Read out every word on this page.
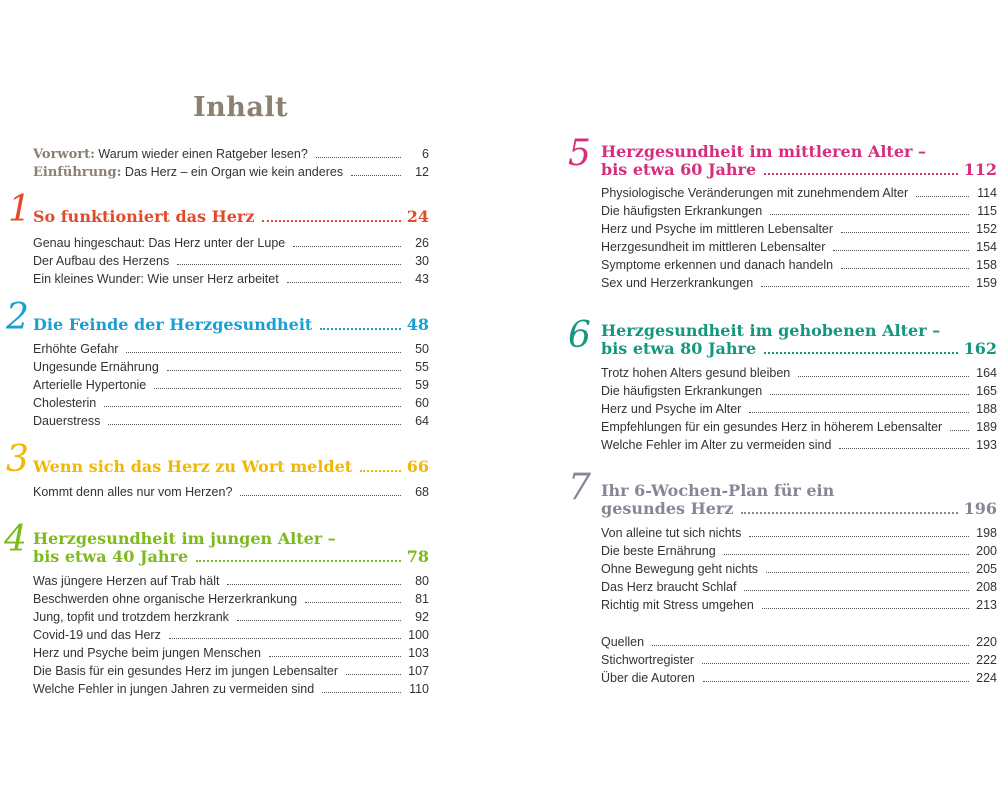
Inhalt
Vorwort: Warum wieder einen Ratgeber lesen?	6
Einführung: Das Herz – ein Organ wie kein anderes	12
1 So funktioniert das Herz	24
Genau hingeschaut: Das Herz unter der Lupe	26
Der Aufbau des Herzens	30
Ein kleines Wunder: Wie unser Herz arbeitet	43
2 Die Feinde der Herzgesundheit	48
Erhöhte Gefahr	50
Ungesunde Ernährung	55
Arterielle Hypertonie	59
Cholesterin	60
Dauerstress	64
3 Wenn sich das Herz zu Wort meldet	66
Kommt denn alles nur vom Herzen?	68
4 Herzgesundheit im jungen Alter –
bis etwa 40 Jahre	78
Was jüngere Herzen auf Trab hält	80
Beschwerden ohne organische Herzerkrankung	81
Jung, topfit und trotzdem herzkrank	92
Covid-19 und das Herz	100
Herz und Psyche beim jungen Menschen	103
Die Basis für ein gesundes Herz im jungen Lebensalter	107
Welche Fehler in jungen Jahren zu vermeiden sind	110
5 Herzgesundheit im mittleren Alter –
bis etwa 60 Jahre	112
Physiologische Veränderungen mit zunehmendem Alter	114
Die häufigsten Erkrankungen	115
Herz und Psyche im mittleren Lebensalter	152
Herzgesundheit im mittleren Lebensalter	154
Symptome erkennen und danach handeln	158
Sex und Herzerkrankungen	159
6 Herzgesundheit im gehobenen Alter –
bis etwa 80 Jahre	162
Trotz hohen Alters gesund bleiben	164
Die häufigsten Erkrankungen	165
Herz und Psyche im Alter	188
Empfehlungen für ein gesundes Herz in höherem Lebensalter	189
Welche Fehler im Alter zu vermeiden sind	193
7 Ihr 6-Wochen-Plan für ein
gesundes Herz	196
Von alleine tut sich nichts	198
Die beste Ernährung	200
Ohne Bewegung geht nichts	205
Das Herz braucht Schlaf	208
Richtig mit Stress umgehen	213
Quellen	220
Stichwortregister	222
Über die Autoren	224
